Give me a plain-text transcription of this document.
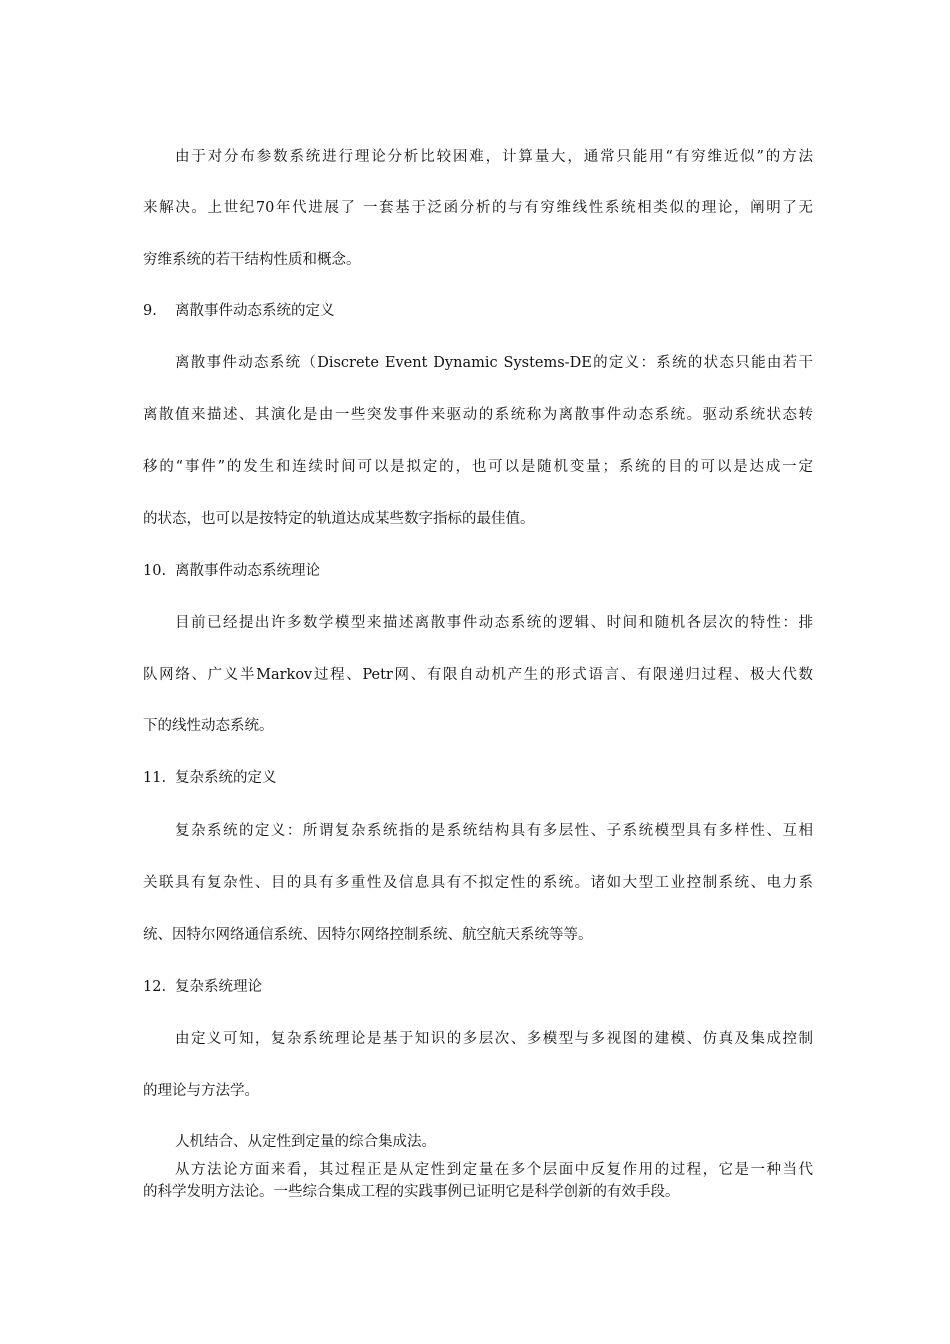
由于对分布参数系统进行理论分析比较困难，计算量大，通常只能用“有穷维近似”的方法
来解决。上世纪70年代进展了 一套基于泛函分析的与有穷维线性系统相类似的理论，阐明了无
穷维系统的若干结构性质和概念。
9. 离散事件动态系统的定义
离散事件动态系统（Discrete Event Dynamic Systems-DE的定义：系统的状态只能由若干
离散值来描述、其演化是由一些突发事件来驱动的系统称为离散事件动态系统。驱动系统状态转
移的“事件”的发生和连续时间可以是拟定的，也可以是随机变量；系统的目的可以是达成一定
的状态，也可以是按特定的轨道达成某些数字指标的最佳值。
10. 离散事件动态系统理论
目前已经提出许多数学模型来描述离散事件动态系统的逻辑、时间和随机各层次的特性：排
队网络、广义半Markov过程、Petr网、有限自动机产生的形式语言、有限递归过程、极大代数
下的线性动态系统。
11. 复杂系统的定义
复杂系统的定义：所谓复杂系统指的是系统结构具有多层性、子系统模型具有多样性、互相
关联具有复杂性、目的具有多重性及信息具有不拟定性的系统。诸如大型工业控制系统、电力系
统、因特尔网络通信系统、因特尔网络控制系统、航空航天系统等等。
12. 复杂系统理论
由定义可知，复杂系统理论是基于知识的多层次、多模型与多视图的建模、仿真及集成控制
的理论与方法学。
人机结合、从定性到定量的综合集成法。
从方法论方面来看，其过程正是从定性到定量在多个层面中反复作用的过程，它是一种当代
的科学发明方法论。一些综合集成工程的实践事例已证明它是科学创新的有效手段。
